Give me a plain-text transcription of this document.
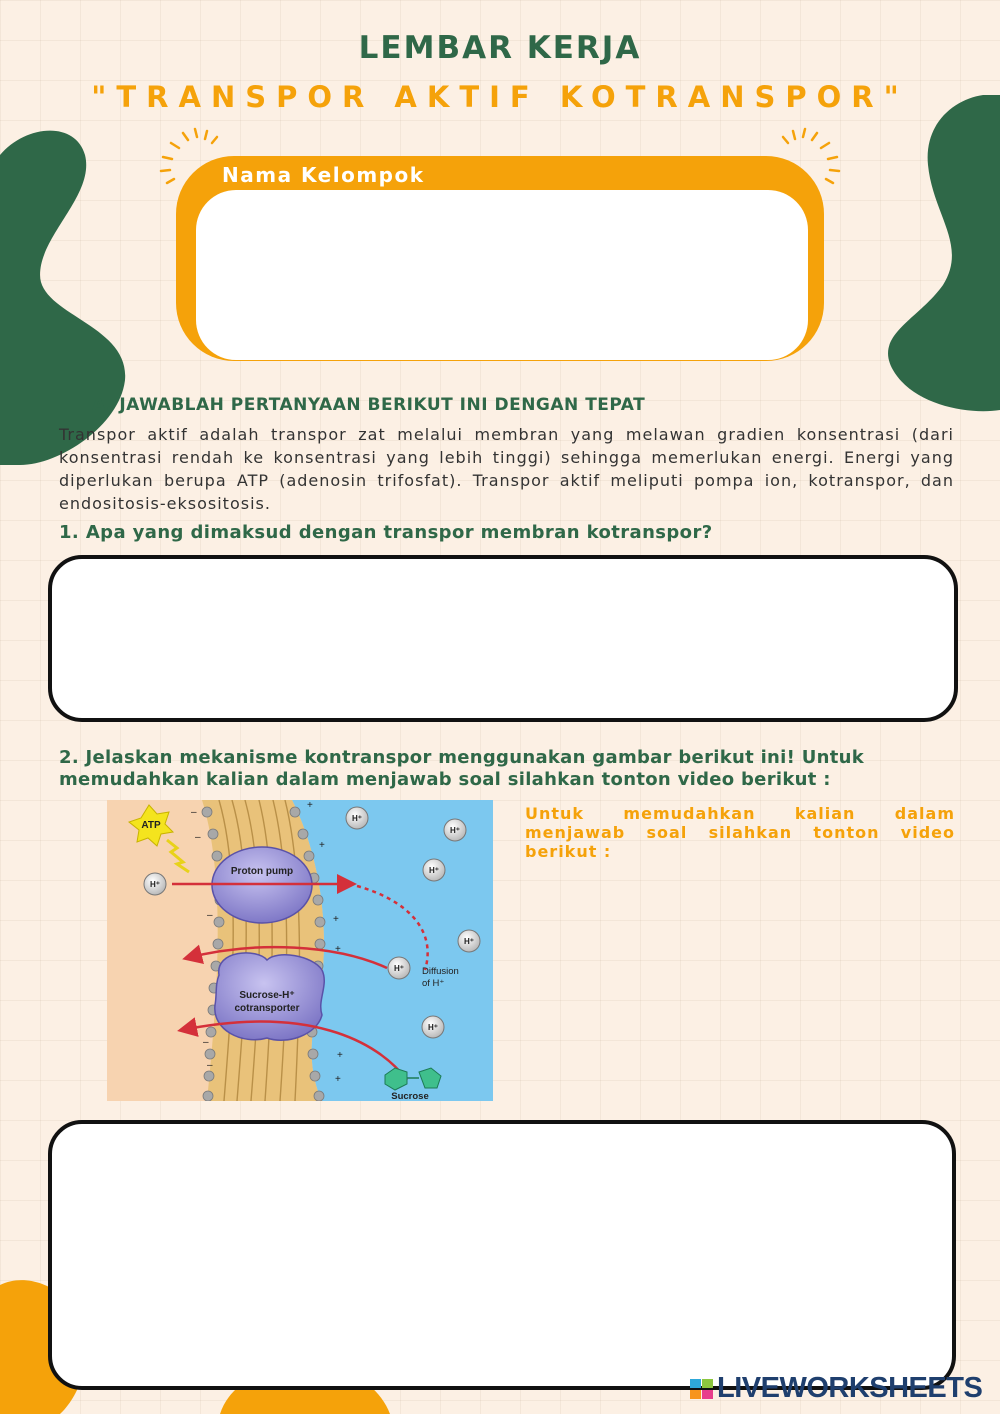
LEMBAR KERJA
"TRANSPOR AKTIF KOTRANSPOR"
Nama Kelompok
A. JAWABLAH PERTANYAAN BERIKUT INI DENGAN TEPAT
Transpor aktif adalah transpor zat melalui membran yang melawan gradien konsentrasi (dari konsentrasi rendah ke konsentrasi yang lebih tinggi) sehingga memerlukan energi. Energi yang diperlukan berupa ATP (adenosin trifosfat). Transpor aktif meliputi pompa ion, kotranspor, dan endositosis-eksositosis.
1. Apa yang dimaksud dengan transpor membran kotranspor?
2. Jelaskan mekanisme kontranspor menggunakan gambar berikut ini! Untuk memudahkan kalian dalam menjawab soal silahkan tonton video berikut :
Proton pump
Sucrose-H⁺
cotransporter
ATP
H⁺
H⁺
H⁺
H⁺
H⁺
H⁺
H⁺
Diffusion
of H⁺
Sucrose
–
–
–
–
–
+
+
+
+
+
+
Untuk memudahkan kalian dalam menjawab soal silahkan tonton video berikut :
LIVEWORKSHEETS
